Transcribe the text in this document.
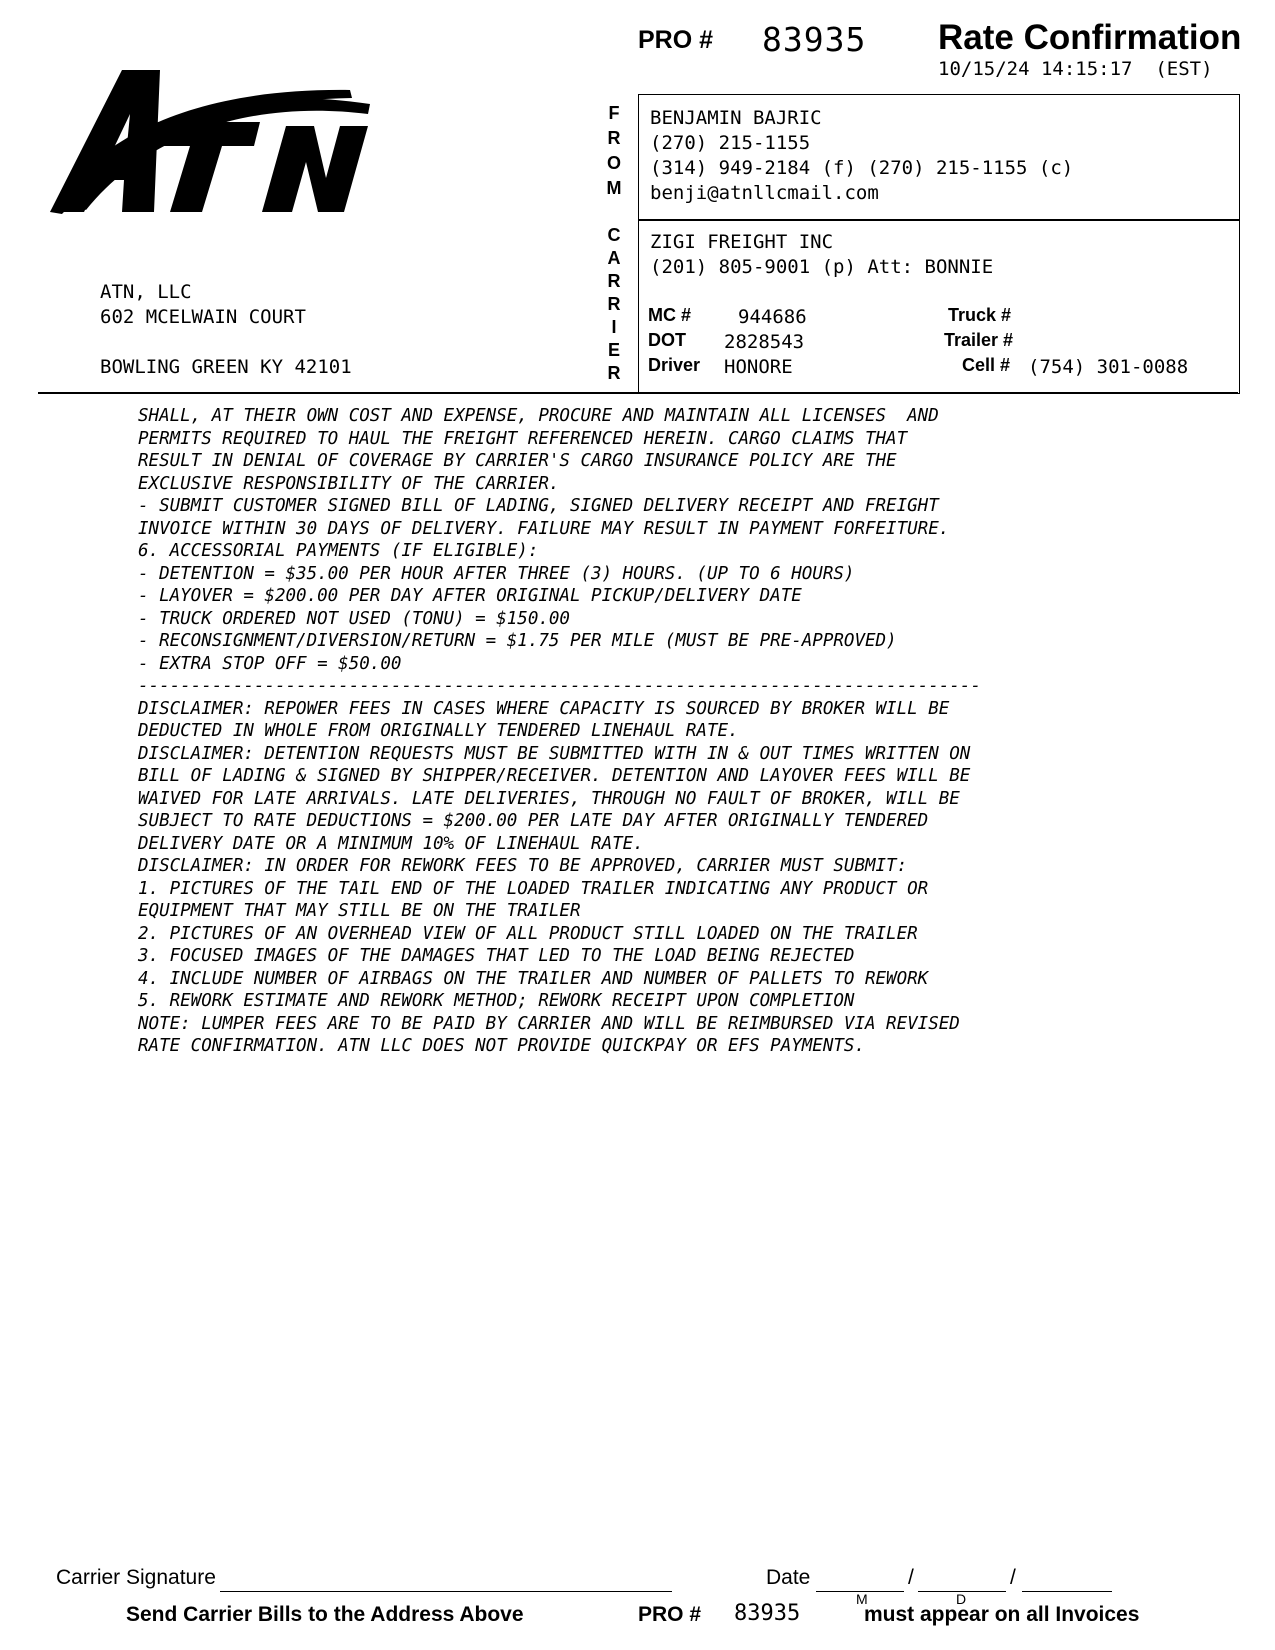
PRO # 83935 Rate Confirmation
10/15/24 14:15:17  (EST)
ATN, LLC
602 MCELWAIN COURT
BOWLING GREEN KY 42101
F
R
O
M
C
A
R
R
I
E
R
BENJAMIN BAJRIC
(270) 215-1155
(314) 949-2184 (f) (270) 215-1155 (c)
benji@atnllcmail.com
ZIGI FREIGHT INC
(201) 805-9001 (p) Att: BONNIE
MC # 944686
DOT 2828543
Driver HONORE
Truck #
Trailer #
Cell # (754) 301-0088
SHALL, AT THEIR OWN COST AND EXPENSE, PROCURE AND MAINTAIN ALL LICENSES  AND
PERMITS REQUIRED TO HAUL THE FREIGHT REFERENCED HEREIN. CARGO CLAIMS THAT
RESULT IN DENIAL OF COVERAGE BY CARRIER'S CARGO INSURANCE POLICY ARE THE
EXCLUSIVE RESPONSIBILITY OF THE CARRIER.
- SUBMIT CUSTOMER SIGNED BILL OF LADING, SIGNED DELIVERY RECEIPT AND FREIGHT
INVOICE WITHIN 30 DAYS OF DELIVERY. FAILURE MAY RESULT IN PAYMENT FORFEITURE.
6. ACCESSORIAL PAYMENTS (IF ELIGIBLE):
- DETENTION = $35.00 PER HOUR AFTER THREE (3) HOURS. (UP TO 6 HOURS)
- LAYOVER = $200.00 PER DAY AFTER ORIGINAL PICKUP/DELIVERY DATE
- TRUCK ORDERED NOT USED (TONU) = $150.00
- RECONSIGNMENT/DIVERSION/RETURN = $1.75 PER MILE (MUST BE PRE-APPROVED)
- EXTRA STOP OFF = $50.00
--------------------------------------------------------------------------------
DISCLAIMER: REPOWER FEES IN CASES WHERE CAPACITY IS SOURCED BY BROKER WILL BE
DEDUCTED IN WHOLE FROM ORIGINALLY TENDERED LINEHAUL RATE.
DISCLAIMER: DETENTION REQUESTS MUST BE SUBMITTED WITH IN & OUT TIMES WRITTEN ON
BILL OF LADING & SIGNED BY SHIPPER/RECEIVER. DETENTION AND LAYOVER FEES WILL BE
WAIVED FOR LATE ARRIVALS. LATE DELIVERIES, THROUGH NO FAULT OF BROKER, WILL BE
SUBJECT TO RATE DEDUCTIONS = $200.00 PER LATE DAY AFTER ORIGINALLY TENDERED
DELIVERY DATE OR A MINIMUM 10% OF LINEHAUL RATE.
DISCLAIMER: IN ORDER FOR REWORK FEES TO BE APPROVED, CARRIER MUST SUBMIT:
1. PICTURES OF THE TAIL END OF THE LOADED TRAILER INDICATING ANY PRODUCT OR
EQUIPMENT THAT MAY STILL BE ON THE TRAILER
2. PICTURES OF AN OVERHEAD VIEW OF ALL PRODUCT STILL LOADED ON THE TRAILER
3. FOCUSED IMAGES OF THE DAMAGES THAT LED TO THE LOAD BEING REJECTED
4. INCLUDE NUMBER OF AIRBAGS ON THE TRAILER AND NUMBER OF PALLETS TO REWORK
5. REWORK ESTIMATE AND REWORK METHOD; REWORK RECEIPT UPON COMPLETION
NOTE: LUMPER FEES ARE TO BE PAID BY CARRIER AND WILL BE REIMBURSED VIA REVISED
RATE CONFIRMATION. ATN LLC DOES NOT PROVIDE QUICKPAY OR EFS PAYMENTS.
Carrier Signature	Date	/	/
M	D
Send Carrier Bills to the Address Above	PRO # 83935	must appear on all Invoices
